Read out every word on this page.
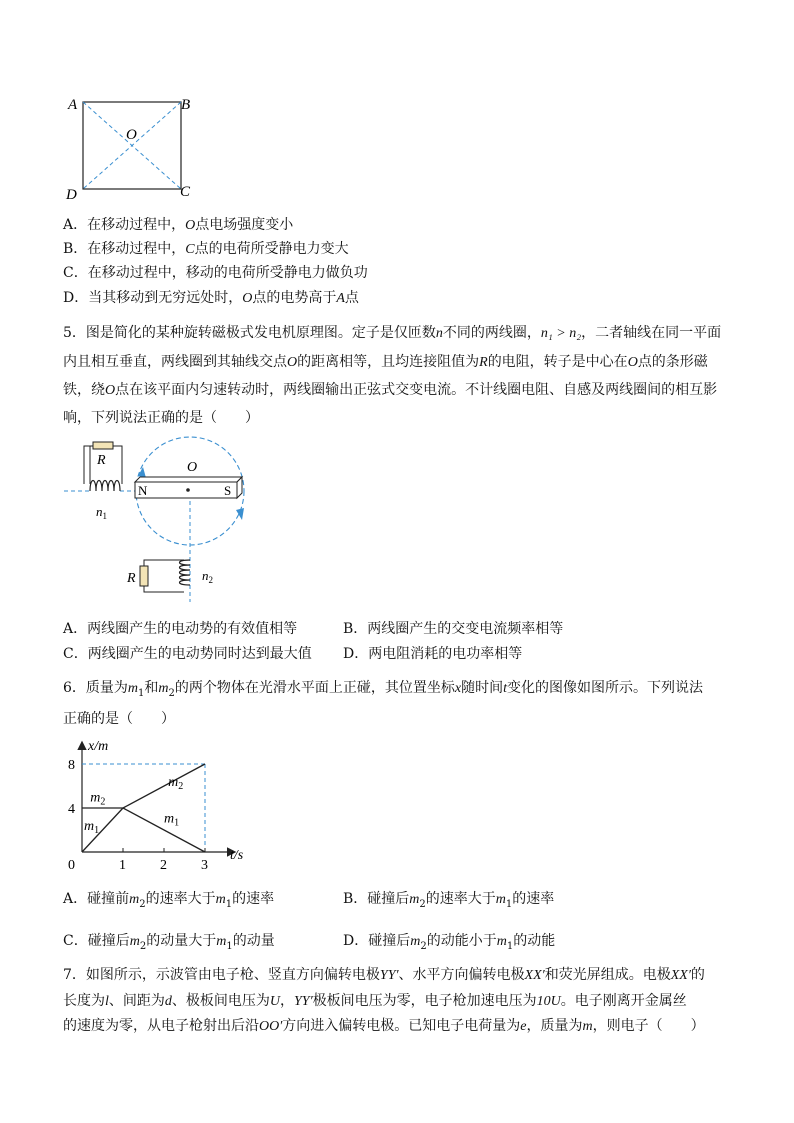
A	B
C
D
O
A．在移动过程中，O点电场强度变小
B．在移动过程中，C点的电荷所受静电力变大
C．在移动过程中，移动的电荷所受静电力做负功
D．当其移动到无穷远处时，O点的电势高于A点
5．图是简化的某种旋转磁极式发电机原理图。定子是仅匝数n不同的两线圈，n₁ > n₂，二者轴线在同一平面
内且相互垂直，两线圈到其轴线交点O的距离相等，且均连接阻值为R的电阻，转子是中心在O点的条形磁
铁，绕O点在该平面内匀速转动时，两线圈输出正弦式交变电流。不计线圈电阻、自感及两线圈间的相互影
响，下列说法正确的是（　　）
N	S
O
R
$n_1$
R	$n_2$
A．两线圈产生的电动势的有效值相等	B．两线圈产生的交变电流频率相等
C．两线圈产生的电动势同时达到最大值 D．两电阻消耗的电功率相等
6．质量为$m_1$和$m_2$的两个物体在光滑水平面上正碰，其位置坐标x随时间t变化的图像如图所示。下列说法
正确的是（　　）
0	1 2 3
4
8
$m_1$
$m_2$
$m_2$
$m_1$
x/m
t/s
A．碰撞前$m_2$的速率大于$m_1$的速率	B．碰撞后$m_2$的速率大于$m_1$的速率
C．碰撞后$m_2$的动量大于$m_1$的动量	D．碰撞后$m_2$的动能小于$m_1$的动能
7．如图所示，示波管由电子枪、竖直方向偏转电极YY′、水平方向偏转电极XX′和荧光屏组成。电极XX′的
长度为l、间距为d、极板间电压为U，YY′极板间电压为零，电子枪加速电压为10U。电子刚离开金属丝
的速度为零，从电子枪射出后沿OO′方向进入偏转电极。已知电子电荷量为e，质量为m，则电子（　　）
